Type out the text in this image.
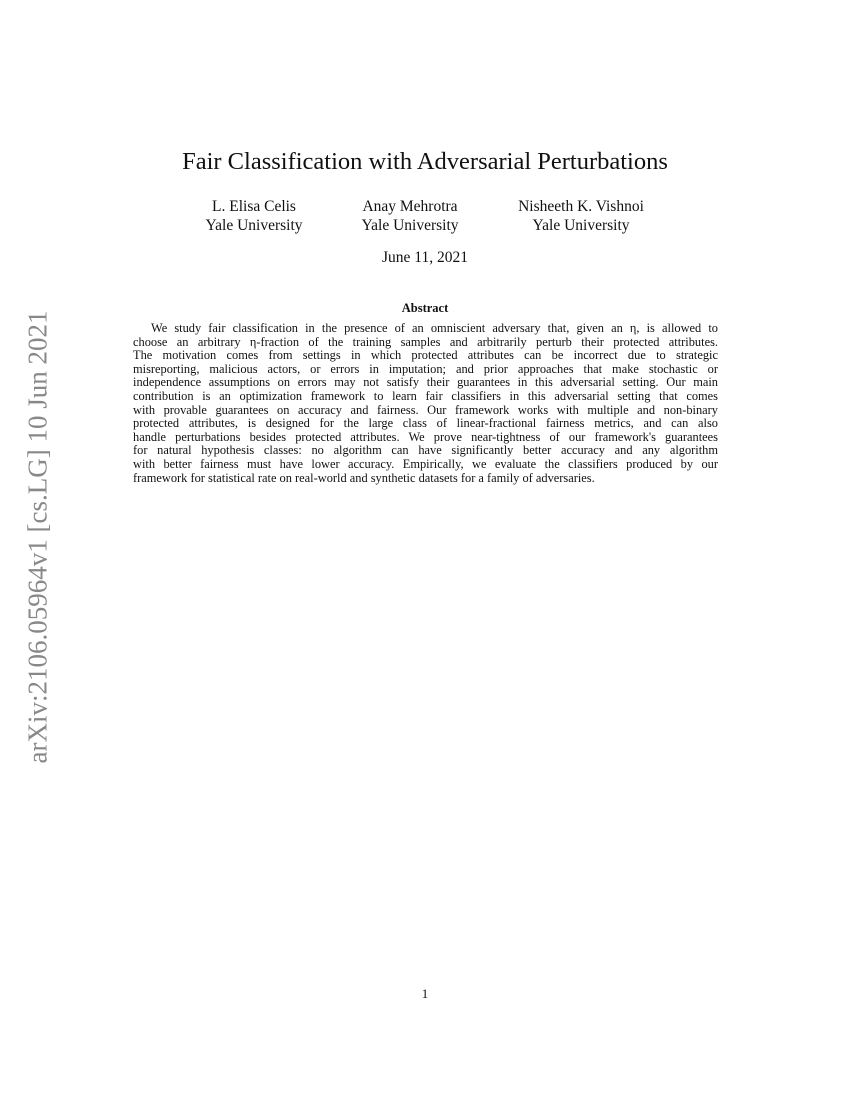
arXiv:2106.05964v1 [cs.LG] 10 Jun 2021
Fair Classification with Adversarial Perturbations
L. Elisa Celis
Yale University
Anay Mehrotra
Yale University
Nisheeth K. Vishnoi
Yale University
June 11, 2021
Abstract
We study fair classification in the presence of an omniscient adversary that, given an η, is allowed to
choose an arbitrary η-fraction of the training samples and arbitrarily perturb their protected attributes.
The motivation comes from settings in which protected attributes can be incorrect due to strategic
misreporting, malicious actors, or errors in imputation; and prior approaches that make stochastic or
independence assumptions on errors may not satisfy their guarantees in this adversarial setting. Our main
contribution is an optimization framework to learn fair classifiers in this adversarial setting that comes
with provable guarantees on accuracy and fairness. Our framework works with multiple and non-binary
protected attributes, is designed for the large class of linear-fractional fairness metrics, and can also
handle perturbations besides protected attributes. We prove near-tightness of our framework's guarantees
for natural hypothesis classes: no algorithm can have significantly better accuracy and any algorithm
with better fairness must have lower accuracy. Empirically, we evaluate the classifiers produced by our
framework for statistical rate on real-world and synthetic datasets for a family of adversaries.
1
